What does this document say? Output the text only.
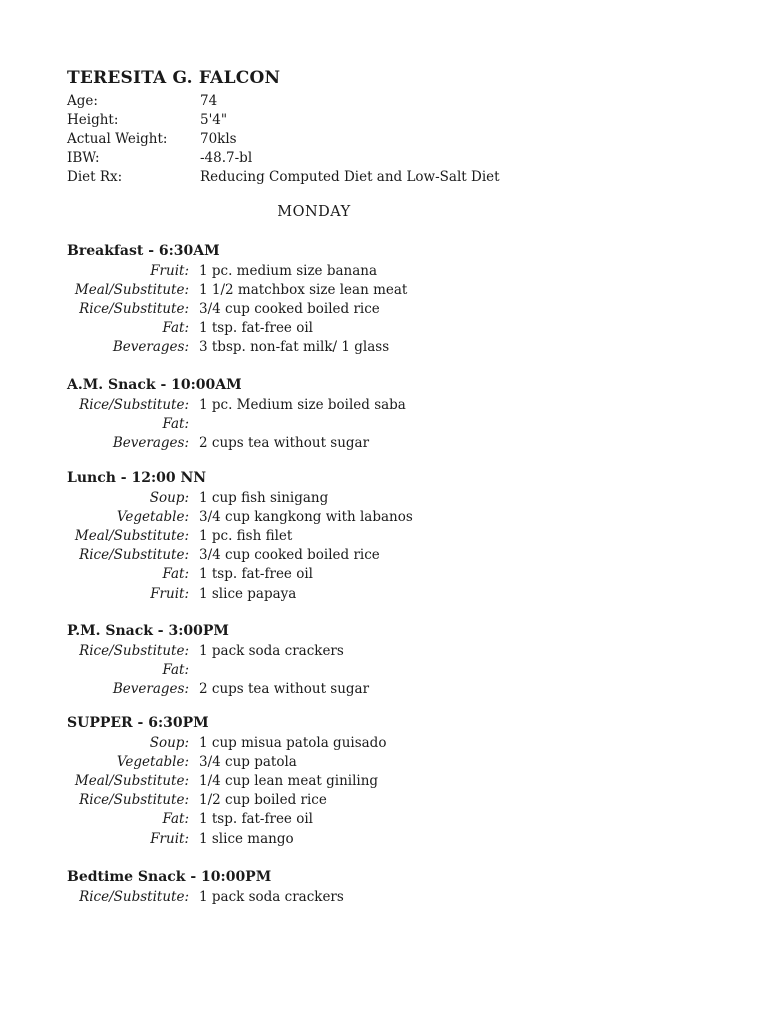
TERESITA G. FALCON
Age:	74
Height:	5'4"
Actual Weight:	70kls
IBW:	-48.7-bl
Diet Rx:	Reducing Computed Diet and Low-Salt Diet
MONDAY
Breakfast - 6:30AM
Fruit: 1 pc. medium size banana
Meal/Substitute: 1 1/2 matchbox size lean meat
Rice/Substitute: 3/4 cup cooked boiled rice
Fat: 1 tsp. fat-free oil
Beverages: 3 tbsp. non-fat milk/ 1 glass
A.M. Snack - 10:00AM
Rice/Substitute: 1 pc. Medium size boiled saba
Fat:
Beverages: 2 cups tea without sugar
Lunch - 12:00 NN
Soup: 1 cup fish sinigang
Vegetable: 3/4 cup kangkong with labanos
Meal/Substitute: 1 pc. fish filet
Rice/Substitute: 3/4 cup cooked boiled rice
Fat: 1 tsp. fat-free oil
Fruit: 1 slice papaya
P.M. Snack - 3:00PM
Rice/Substitute: 1 pack soda crackers
Fat:
Beverages: 2 cups tea without sugar
SUPPER - 6:30PM
Soup: 1 cup misua patola guisado
Vegetable: 3/4 cup patola
Meal/Substitute: 1/4 cup lean meat giniling
Rice/Substitute: 1/2 cup boiled rice
Fat: 1 tsp. fat-free oil
Fruit: 1 slice mango
Bedtime Snack - 10:00PM
Rice/Substitute: 1 pack soda crackers
